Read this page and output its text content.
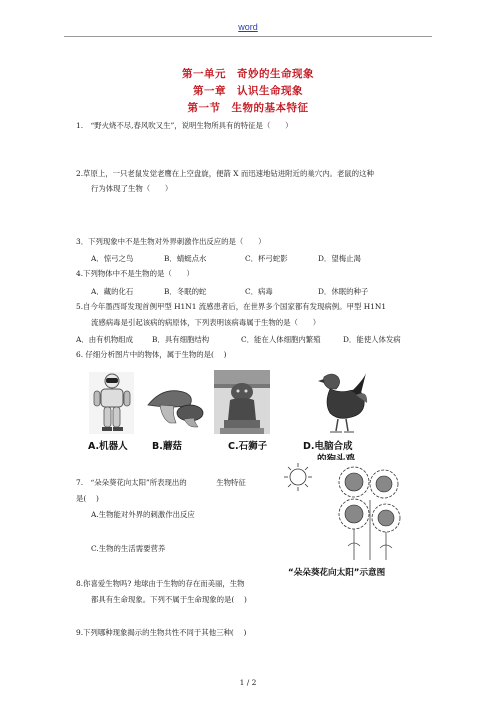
word
第一单元　奇妙的生命现象
第一章　认识生命现象
第一节　生物的基本特征
1.　“野火烧不尽,春风吹又生”，说明生物所具有的特征是（　　）
2.草原上，一只老鼠发觉老鹰在上空盘旋，便箭 X 而迅速地钻进附近的巢穴内。老鼠的这种
行为体现了生物（　　）
3．下列现象中不是生物对外界刺激作出反应的是（　　）
A．惊弓之鸟	B．蜻蜓点水	C．杯弓蛇影	D．望梅止渴
4.下列物体中不是生物的是（　　）
A．藏的化石	B．冬眠的蛇	C．病毒	D．休眠的种子
5.自今年墨西哥发现首例甲型 H1N1 流感患者后，在世界多个国家都有发现病例。甲型 H1N1
流感病毒是引起该病的病原体，下列表明该病毒属于生物的是（　　）
A．由有机物组成	B．具有细胞结构	C．能在人体细胞内繁殖	D．能使人体发病
6. 仔细分析图片中的物体，属于生物的是(　 )
A.机器人	B.蘑菇	C.石狮子	D.电脑合成
7.　“朵朵葵花向太阳”所表现出的　　　　生物特征
是(　 )
A.生物能对外界的刺激作出反应
C.生物的生活需要营养
“朵朵葵花向太阳”示意图
8.你喜爱生物吗? 地球由于生物的存在而美丽，生物
都具有生命现象。下列不属于生命现象的是(　 )
9.下列哪种现象揭示的生物共性不同于其他三种(　 )
1 / 2
